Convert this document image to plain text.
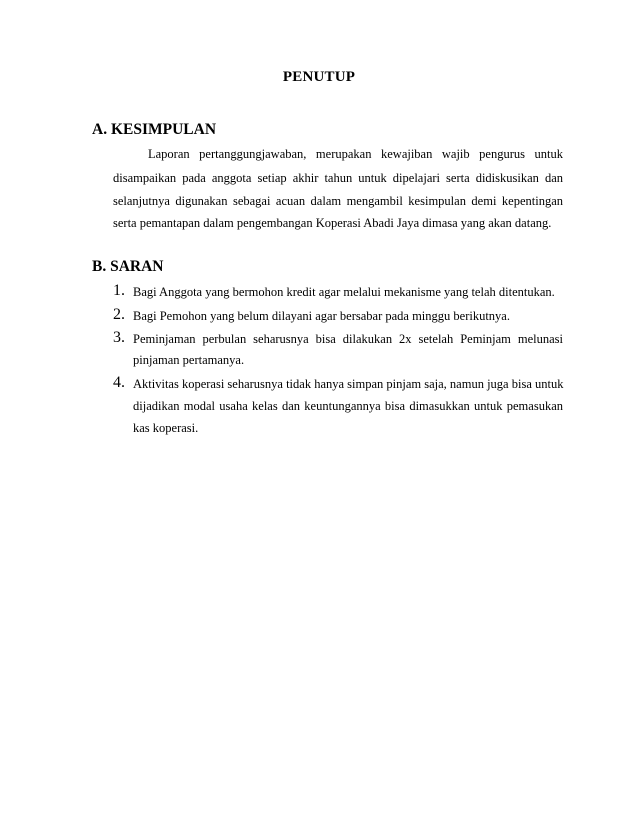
PENUTUP
A. KESIMPULAN
Laporan pertanggungjawaban, merupakan kewajiban wajib pengurus untuk
disampaikan pada anggota setiap akhir tahun untuk dipelajari serta didiskusikan dan
selanjutnya digunakan sebagai acuan dalam mengambil kesimpulan demi kepentingan
serta pemantapan dalam pengembangan Koperasi Abadi Jaya dimasa yang akan datang.
B. SARAN
1. Bagi Anggota yang bermohon kredit agar melalui mekanisme yang telah ditentukan.
2. Bagi Pemohon yang belum dilayani agar bersabar pada minggu berikutnya.
3. Peminjaman perbulan seharusnya bisa dilakukan 2x setelah Peminjam melunasi
pinjaman pertamanya.
4. Aktivitas koperasi seharusnya tidak hanya simpan pinjam saja, namun juga bisa untuk
dijadikan modal usaha kelas dan keuntungannya bisa dimasukkan untuk pemasukan
kas koperasi.
